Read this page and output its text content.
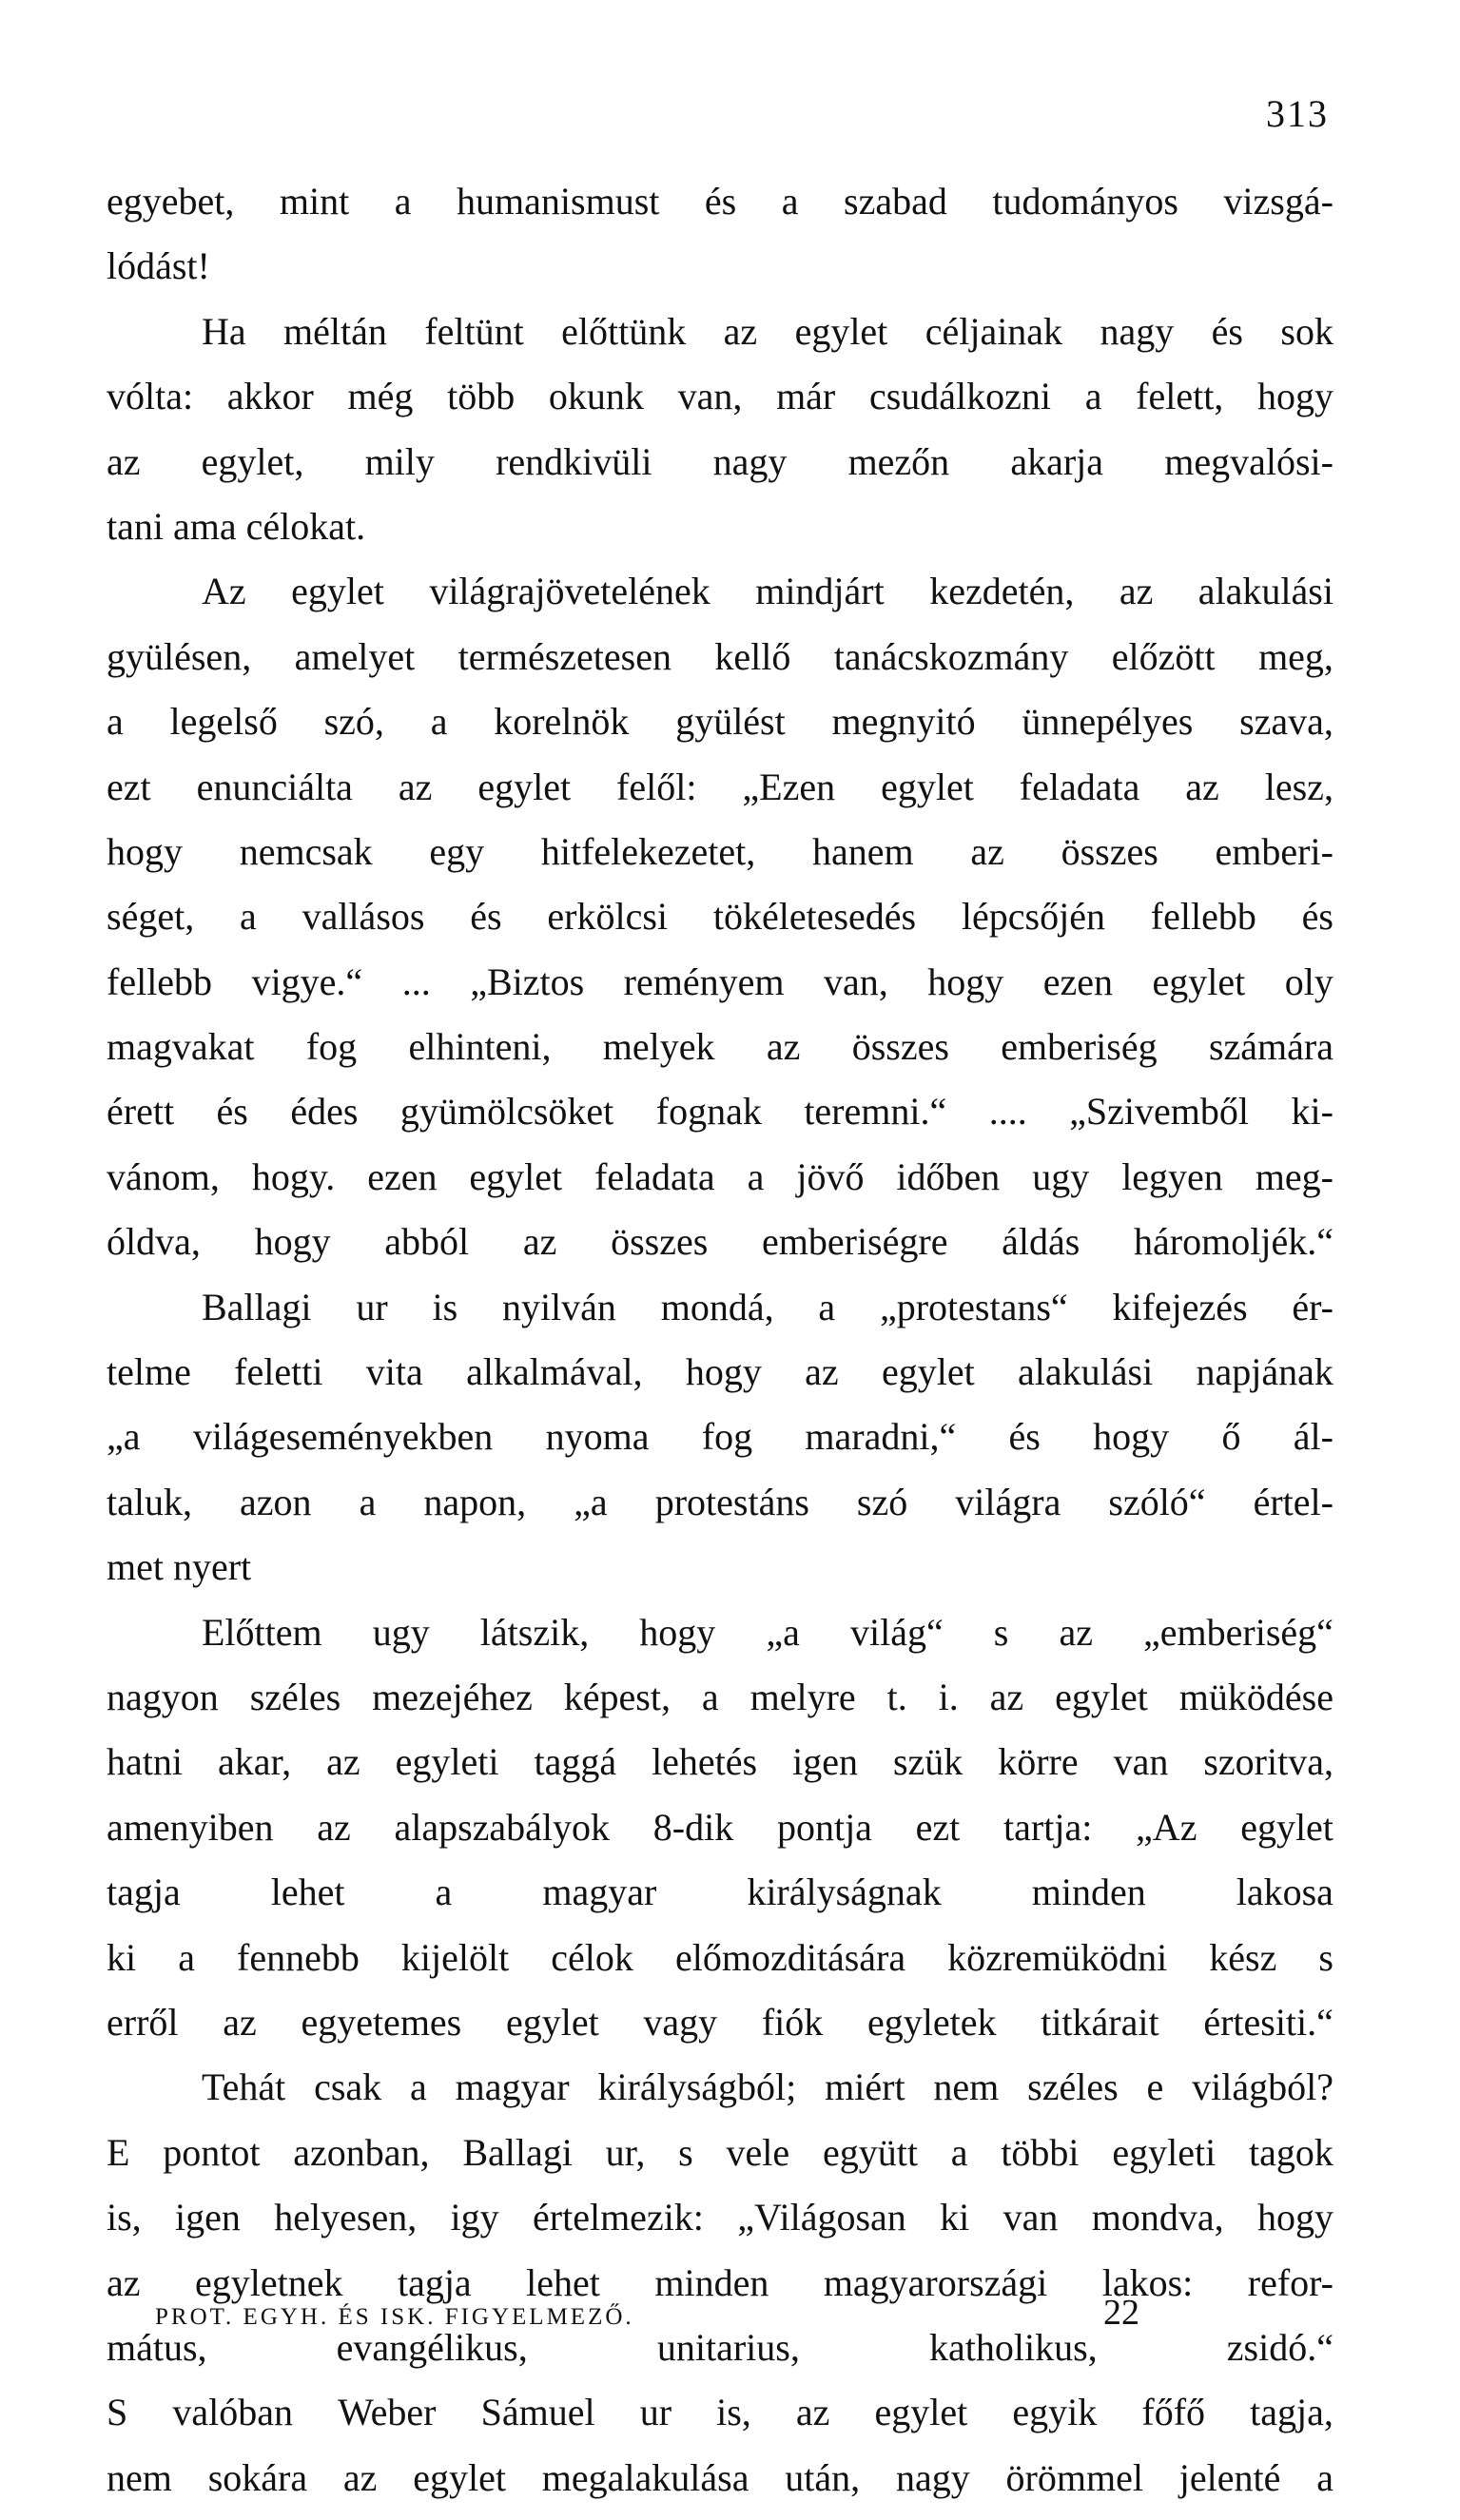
313
egyebet, mint a humanismust és a szabad tudományos vizsgá-
lódást!
Ha méltán feltünt előttünk az egylet céljainak nagy és sok
vólta: akkor még több okunk van, már csudálkozni a felett, hogy
az egylet, mily rendkivüli nagy mezőn akarja megvalósi-
tani ama célokat.
Az egylet világrajövetelének mindjárt kezdetén, az alakulási
gyülésen, amelyet természetesen kellő tanácskozmány előzött meg,
a legelső szó, a korelnök gyülést megnyitó ünnepélyes szava,
ezt enunciálta az egylet felől: „Ezen egylet feladata az lesz,
hogy nemcsak egy hitfelekezetet, hanem az összes emberi-
séget, a vallásos és erkölcsi tökéletesedés lépcsőjén fellebb és
fellebb vigye.“ ... „Biztos reményem van, hogy ezen egylet oly
magvakat fog elhinteni, melyek az összes emberiség számára
érett és édes gyümölcsöket fognak teremni.“ .... „Szivemből ki-
vánom, hogy. ezen egylet feladata a jövő időben ugy legyen meg-
óldva, hogy abból az összes emberiségre áldás háromoljék.“
Ballagi ur is nyilván mondá, a „protestans“ kifejezés ér-
telme feletti vita alkalmával, hogy az egylet alakulási napjának
„a világeseményekben nyoma fog maradni,“ és hogy ő ál-
taluk, azon a napon, „a protestáns szó világra szóló“ értel-
met nyert
Előttem ugy látszik, hogy „a világ“ s az „emberiség“
nagyon széles mezejéhez képest, a melyre t. i. az egylet müködése
hatni akar, az egyleti taggá lehetés igen szük körre van szoritva,
amenyiben az alapszabályok 8-dik pontja ezt tartja: „Az egylet
tagja lehet a magyar királyságnak minden lakosa
ki a fennebb kijelölt célok előmozditására közremüködni kész s
erről az egyetemes egylet vagy fiók egyletek titkárait értesiti.“
Tehát csak a magyar királyságból; miért nem széles e világból?
E pontot azonban, Ballagi ur, s vele együtt a többi egyleti tagok
is, igen helyesen, igy értelmezik: „Világosan ki van mondva, hogy
az egyletnek tagja lehet minden magyarországi lakos: refor-
mátus,	evangélikus,	unitarius,	katholikus,	zsidó.“
S valóban Weber Sámuel ur is, az egylet egyik főfő tagja,
nem sokára az egylet megalakulása után, nagy örömmel jelenté a
PROT. EGYH. ÉS ISK. FIGYELMEZŐ.	22
